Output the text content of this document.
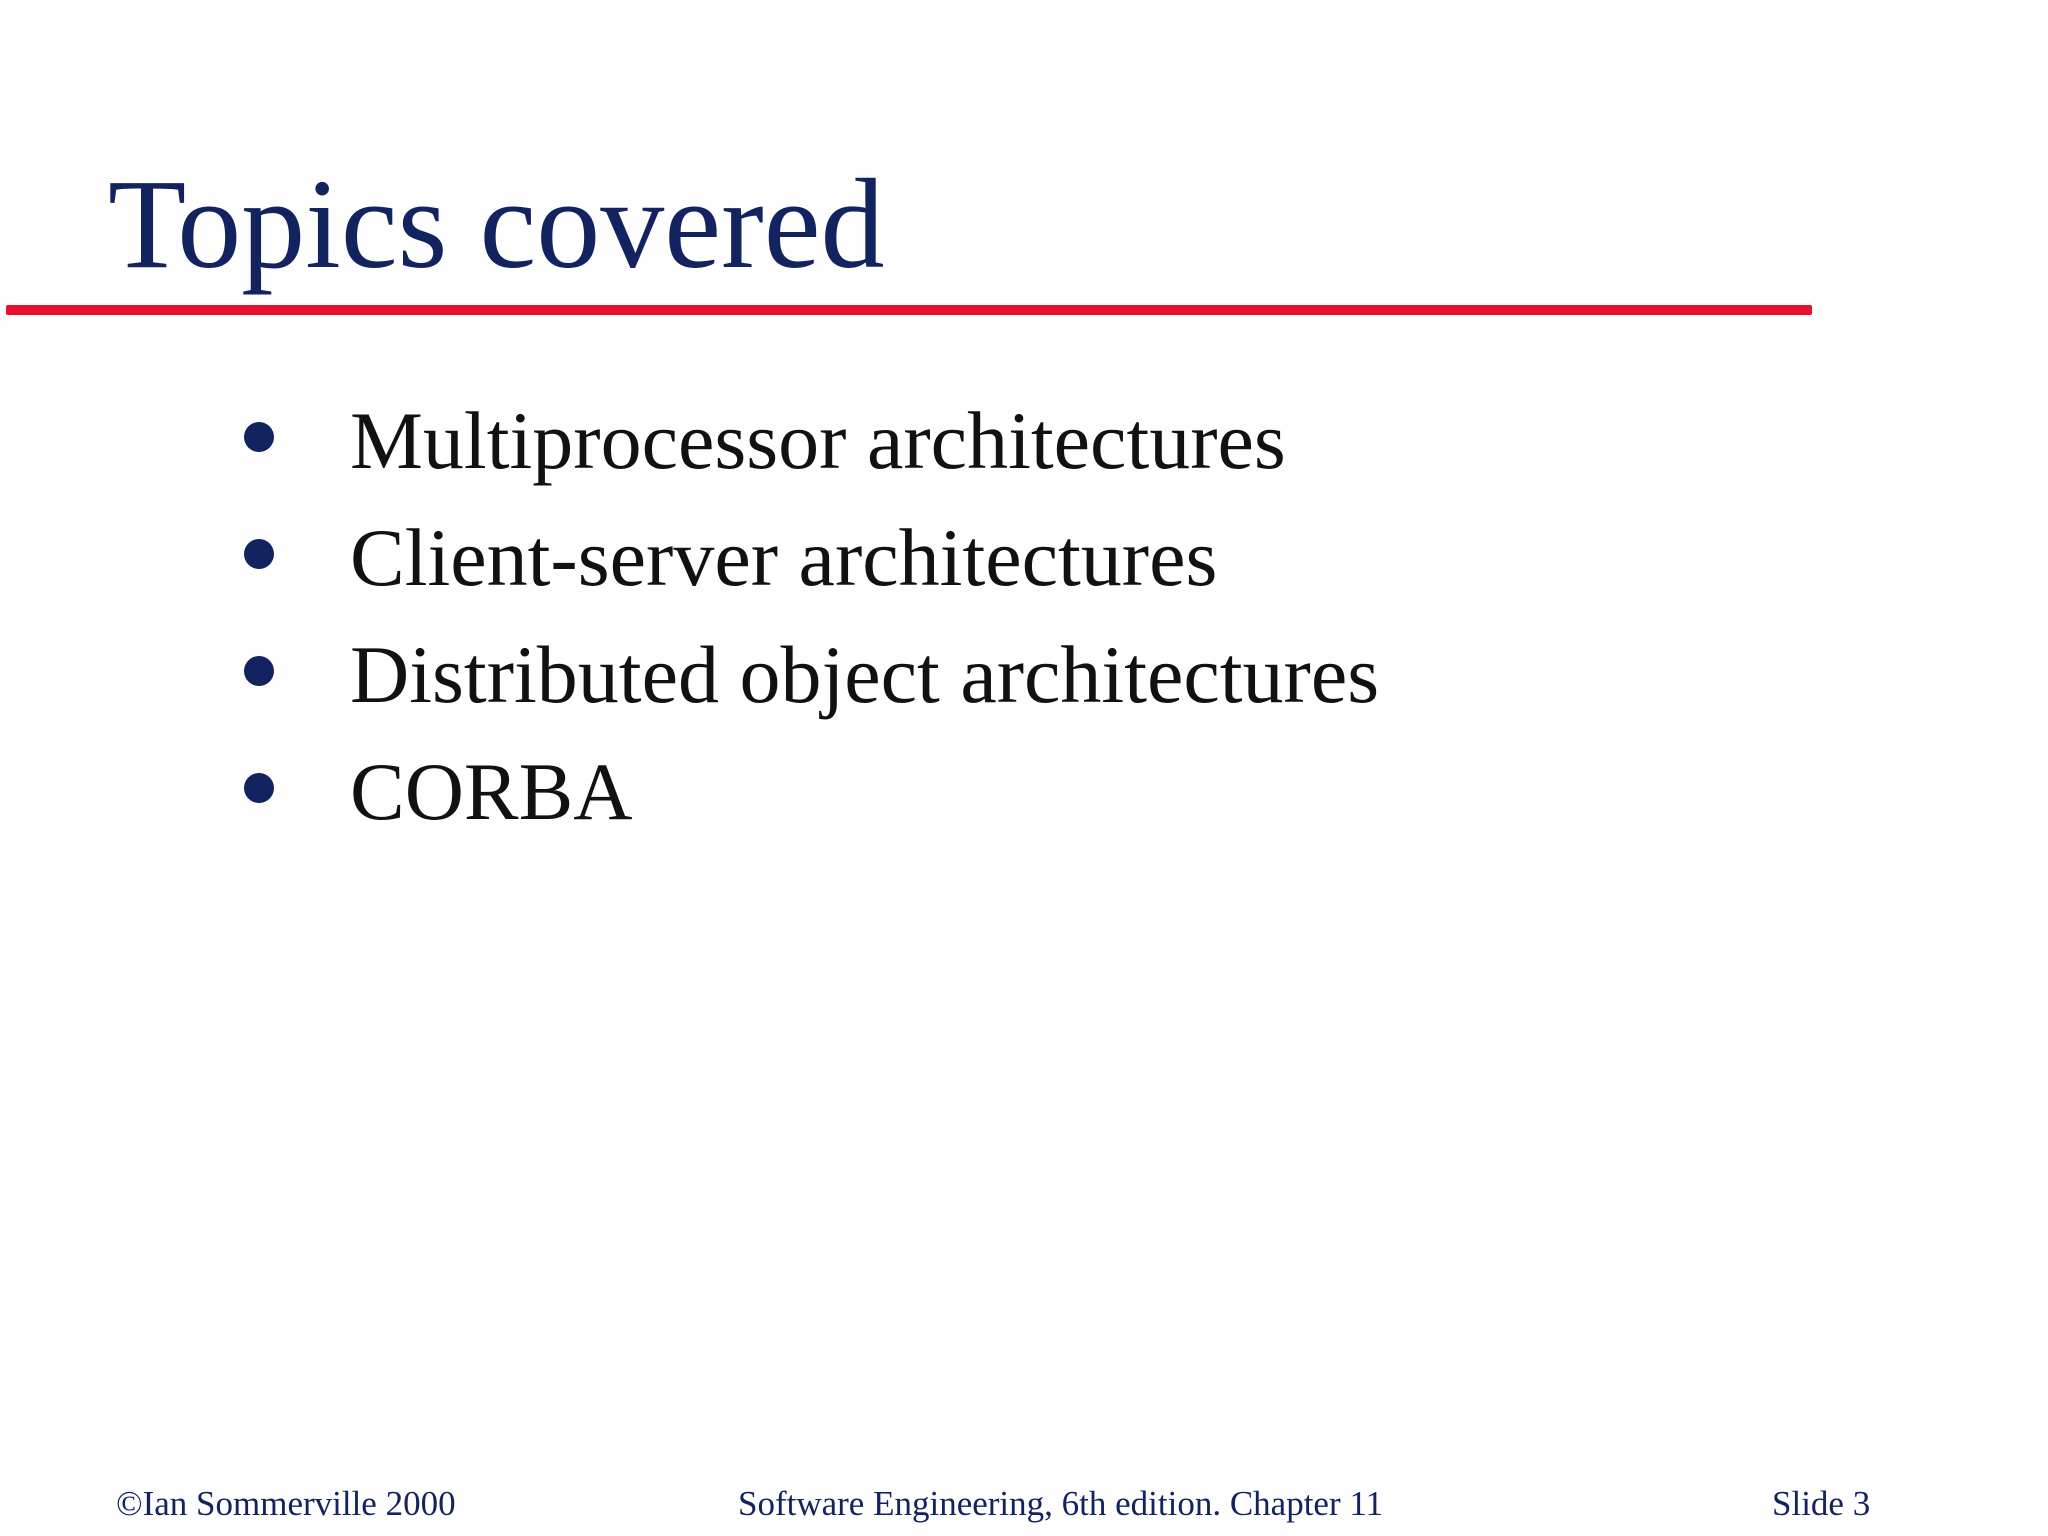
Topics covered
Multiprocessor architectures
Client-server architectures
Distributed object architectures
CORBA
©Ian Sommerville 2000	Software Engineering, 6th edition. Chapter 11	Slide 3
